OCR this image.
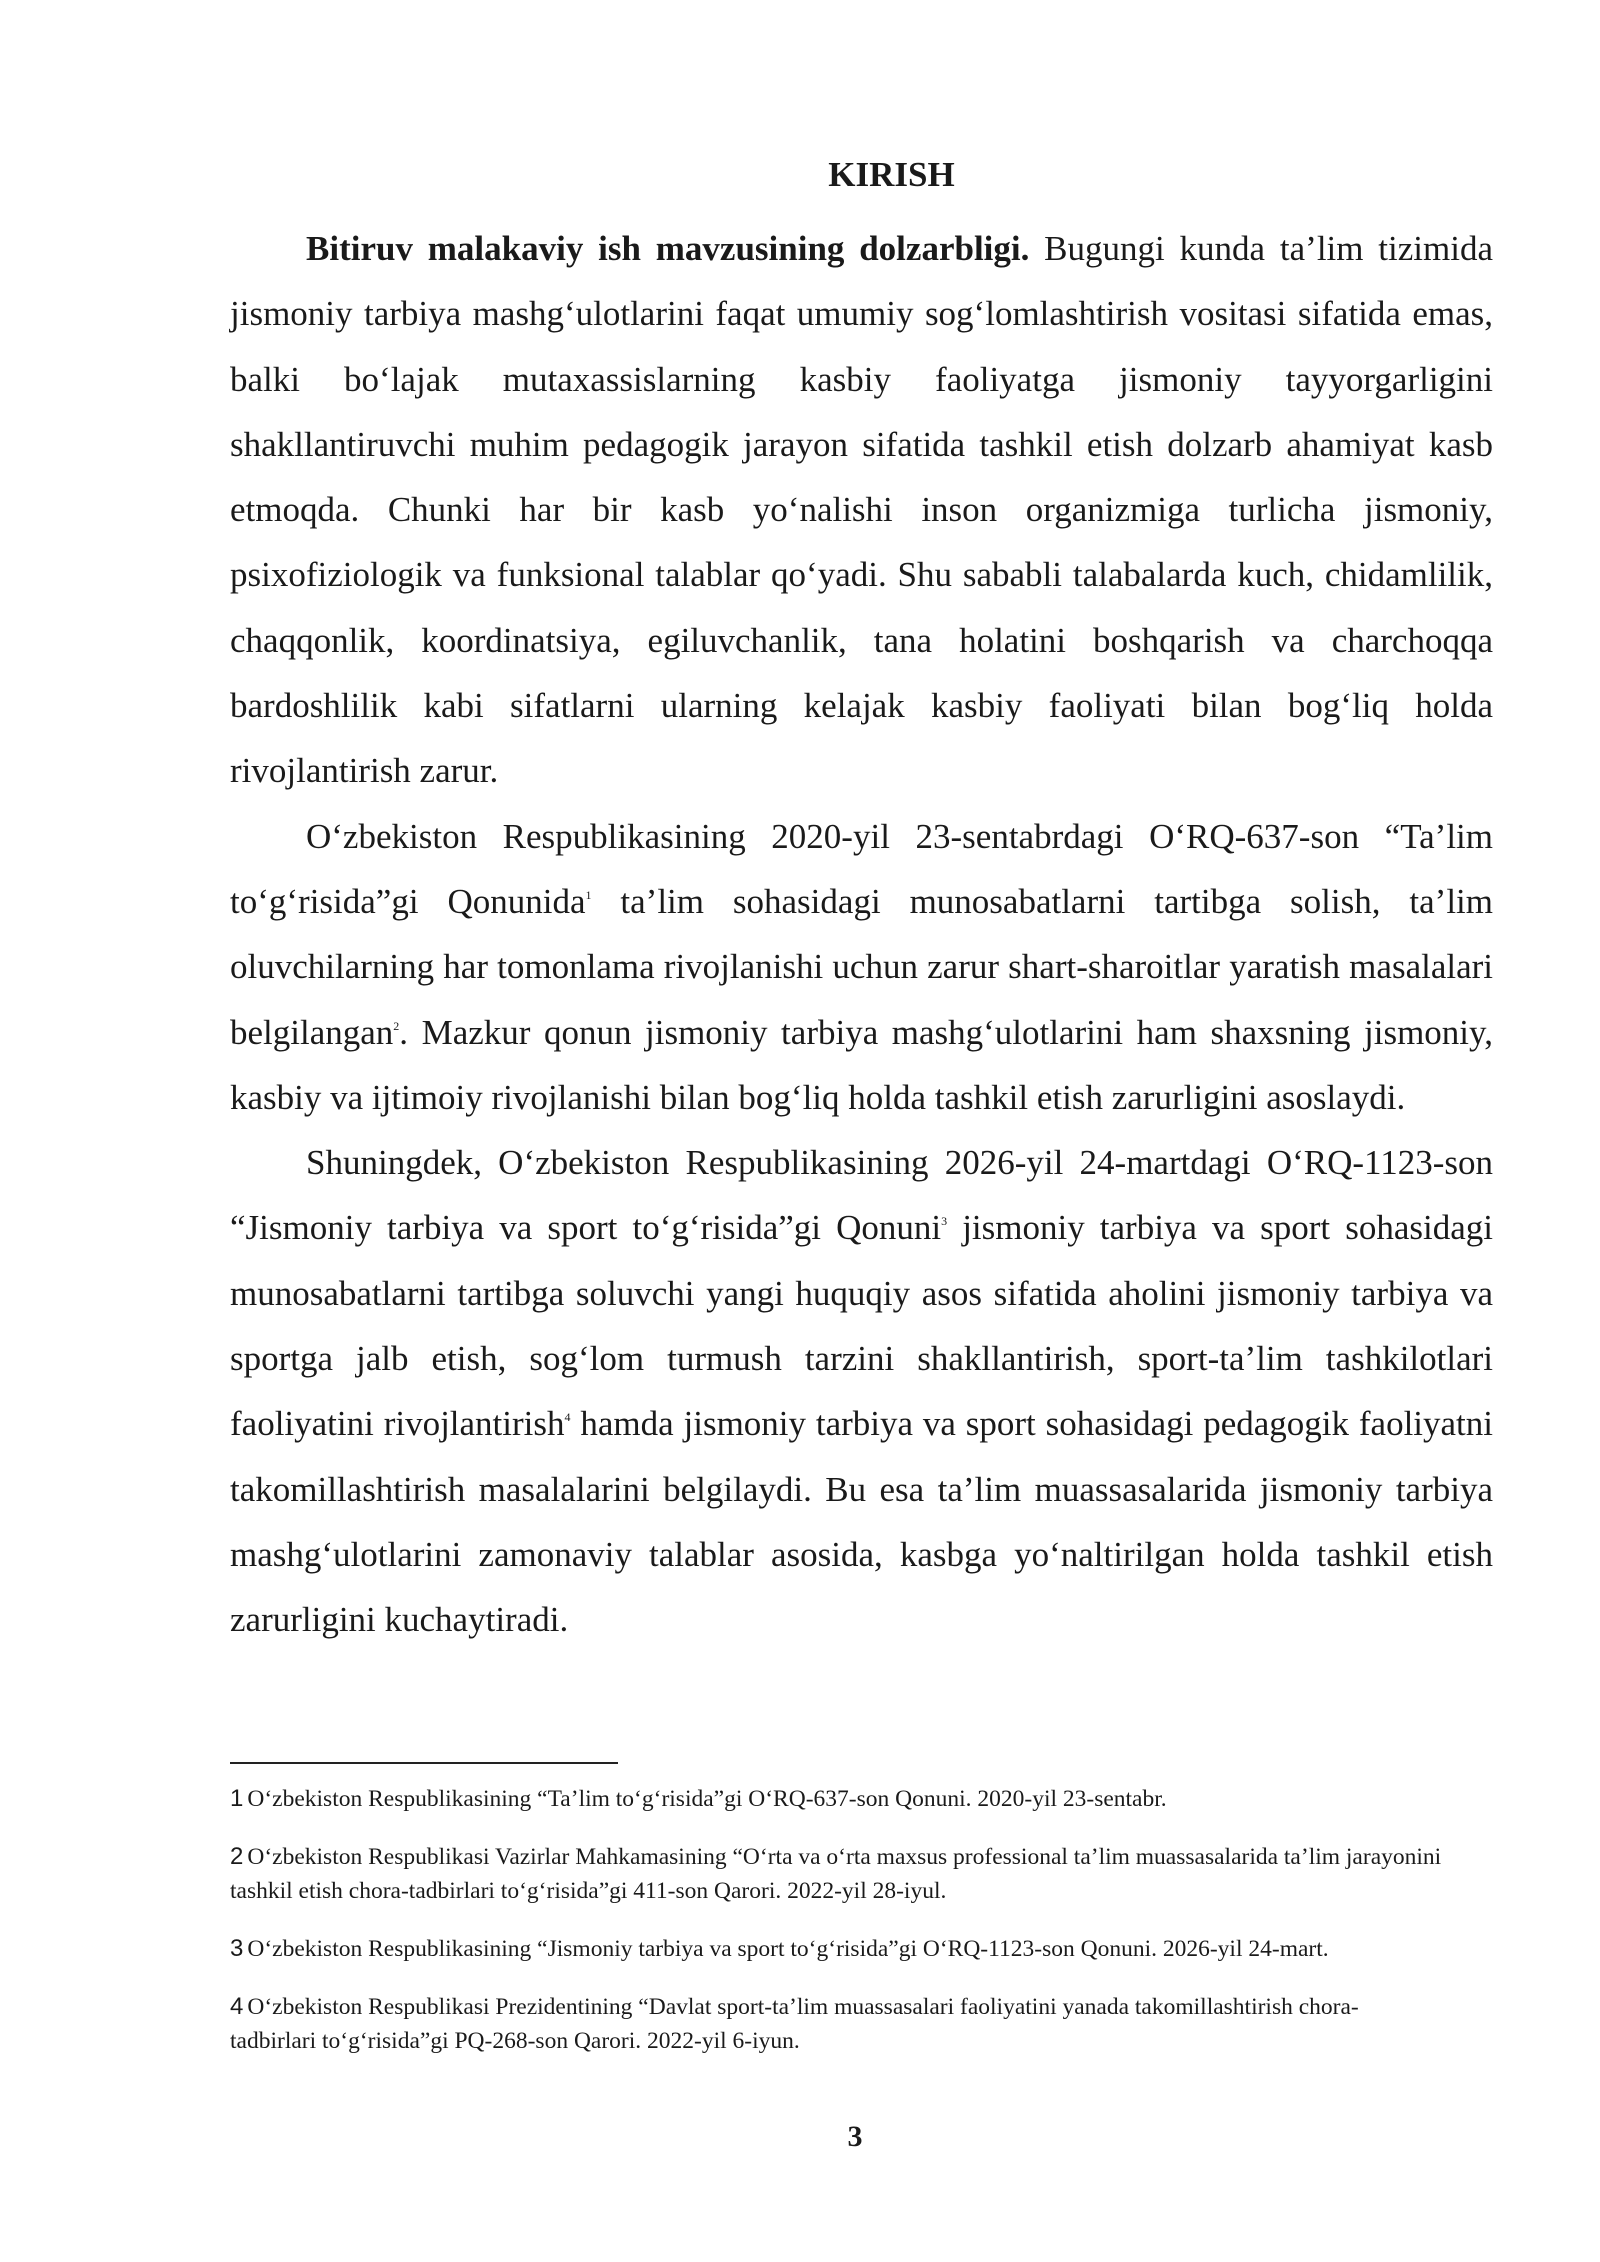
KIRISH

Bitiruv malakaviy ish mavzusining dolzarbligi. Bugungi kunda ta’lim tizimida jismoniy tarbiya mashg‘ulotlarini faqat umumiy sog‘lomlashtirish vositasi sifatida emas, balki bo‘lajak mutaxassislarning kasbiy faoliyatga jismoniy tayyorgarligini shakllantiruvchi muhim pedagogik jarayon sifatida tashkil etish dolzarb ahamiyat kasb etmoqda. Chunki har bir kasb yo‘nalishi inson organizmiga turlicha jismoniy, psixofiziologik va funksional talablar qo‘yadi. Shu sababli talabalarda kuch, chidamlilik, chaqqonlik, koordinatsiya, egiluvchanlik, tana holatini boshqarish va charchoqqa bardoshlilik kabi sifatlarni ularning kelajak kasbiy faoliyati bilan bog‘liq holda rivojlantirish zarur.

O‘zbekiston Respublikasining 2020-yil 23-sentabrdagi O‘RQ-637-son “Ta’lim to‘g‘risida”gi Qonunida$^1$ ta’lim sohasidagi munosabatlarni tartibga solish, ta’lim oluvchilarning har tomonlama rivojlanishi uchun zarur shart-sharoitlar yaratish masalalari belgilangan$^2$. Mazkur qonun jismoniy tarbiya mashg‘ulotlarini ham shaxsning jismoniy, kasbiy va ijtimoiy rivojlanishi bilan bog‘liq holda tashkil etish zarurligini asoslaydi.

Shuningdek, O‘zbekiston Respublikasining 2026-yil 24-martdagi O‘RQ-1123-son “Jismoniy tarbiya va sport to‘g‘risida”gi Qonuni$^3$ jismoniy tarbiya va sport sohasidagi munosabatlarni tartibga soluvchi yangi huquqiy asos sifatida aholini jismoniy tarbiya va sportga jalb etish, sog‘lom turmush tarzini shakllantirish, sport-ta’lim tashkilotlari faoliyatini rivojlantirish$^4$ hamda jismoniy tarbiya va sport sohasidagi pedagogik faoliyatni takomillashtirish masalalarini belgilaydi. Bu esa ta’lim muassasalarida jismoniy tarbiya mashg‘ulotlarini zamonaviy talablar asosida, kasbga yo‘naltirilgan holda tashkil etish zarurligini kuchaytiradi.

1 O‘zbekiston Respublikasining “Ta’lim to‘g‘risida”gi O‘RQ-637-son Qonuni. 2020-yil 23-sentabr.
2 O‘zbekiston Respublikasi Vazirlar Mahkamasining “O‘rta va o‘rta maxsus professional ta’lim muassasalarida ta’lim jarayonini tashkil etish chora-tadbirlari to‘g‘risida”gi 411-son Qarori. 2022-yil 28-iyul.
3 O‘zbekiston Respublikasining “Jismoniy tarbiya va sport to‘g‘risida”gi O‘RQ-1123-son Qonuni. 2026-yil 24-mart.
4 O‘zbekiston Respublikasi Prezidentining “Davlat sport-ta’lim muassasalari faoliyatini yanada takomillashtirish chora-tadbirlari to‘g‘risida”gi PQ-268-son Qarori. 2022-yil 6-iyun.
3
